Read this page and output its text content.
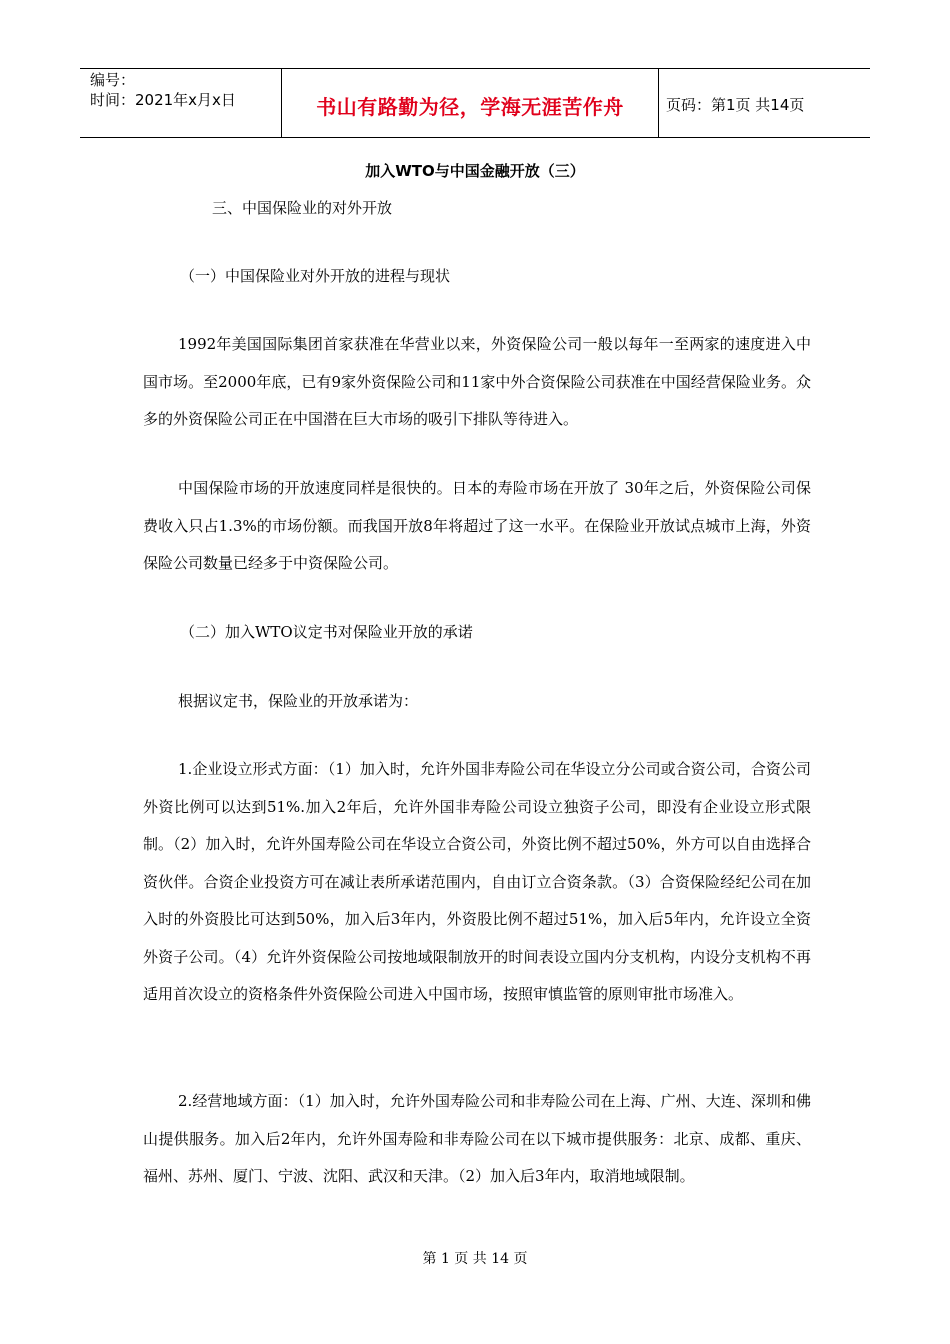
编号：
时间：2021年x月x日	书山有路勤为径，学海无涯苦作舟	页码：第1页 共14页
加入WTO与中国金融开放（三）
三、中国保险业的对外开放
（一）中国保险业对外开放的进程与现状
1992年美国国际集团首家获准在华营业以来，外资保险公司一般以每年一至两家的速度进入中国市场。至2000年底，已有9家外资保险公司和11家中外合资保险公司获准在中国经营保险业务。众多的外资保险公司正在中国潜在巨大市场的吸引下排队等待进入。
中国保险市场的开放速度同样是很快的。日本的寿险市场在开放了 30年之后，外资保险公司保费收入只占1.3%的市场份额。而我国开放8年将超过了这一水平。在保险业开放试点城市上海，外资保险公司数量已经多于中资保险公司。
（二）加入WTO议定书对保险业开放的承诺
根据议定书，保险业的开放承诺为：
1.企业设立形式方面：（1）加入时，允许外国非寿险公司在华设立分公司或合资公司，合资公司外资比例可以达到51%.加入2年后，允许外国非寿险公司设立独资子公司，即没有企业设立形式限制。（2）加入时，允许外国寿险公司在华设立合资公司，外资比例不超过50%，外方可以自由选择合资伙伴。合资企业投资方可在减让表所承诺范围内，自由订立合资条款。（3）合资保险经纪公司在加入时的外资股比可达到50%，加入后3年内，外资股比例不超过51%，加入后5年内，允许设立全资外资子公司。（4）允许外资保险公司按地域限制放开的时间表设立国内分支机构，内设分支机构不再适用首次设立的资格条件外资保险公司进入中国市场，按照审慎监管的原则审批市场准入。
2.经营地域方面：（1）加入时，允许外国寿险公司和非寿险公司在上海、广州、大连、深圳和佛山提供服务。加入后2年内，允许外国寿险和非寿险公司在以下城市提供服务：北京、成都、重庆、福州、苏州、厦门、宁波、沈阳、武汉和天津。（2）加入后3年内，取消地域限制。
第 1 页 共 14 页
